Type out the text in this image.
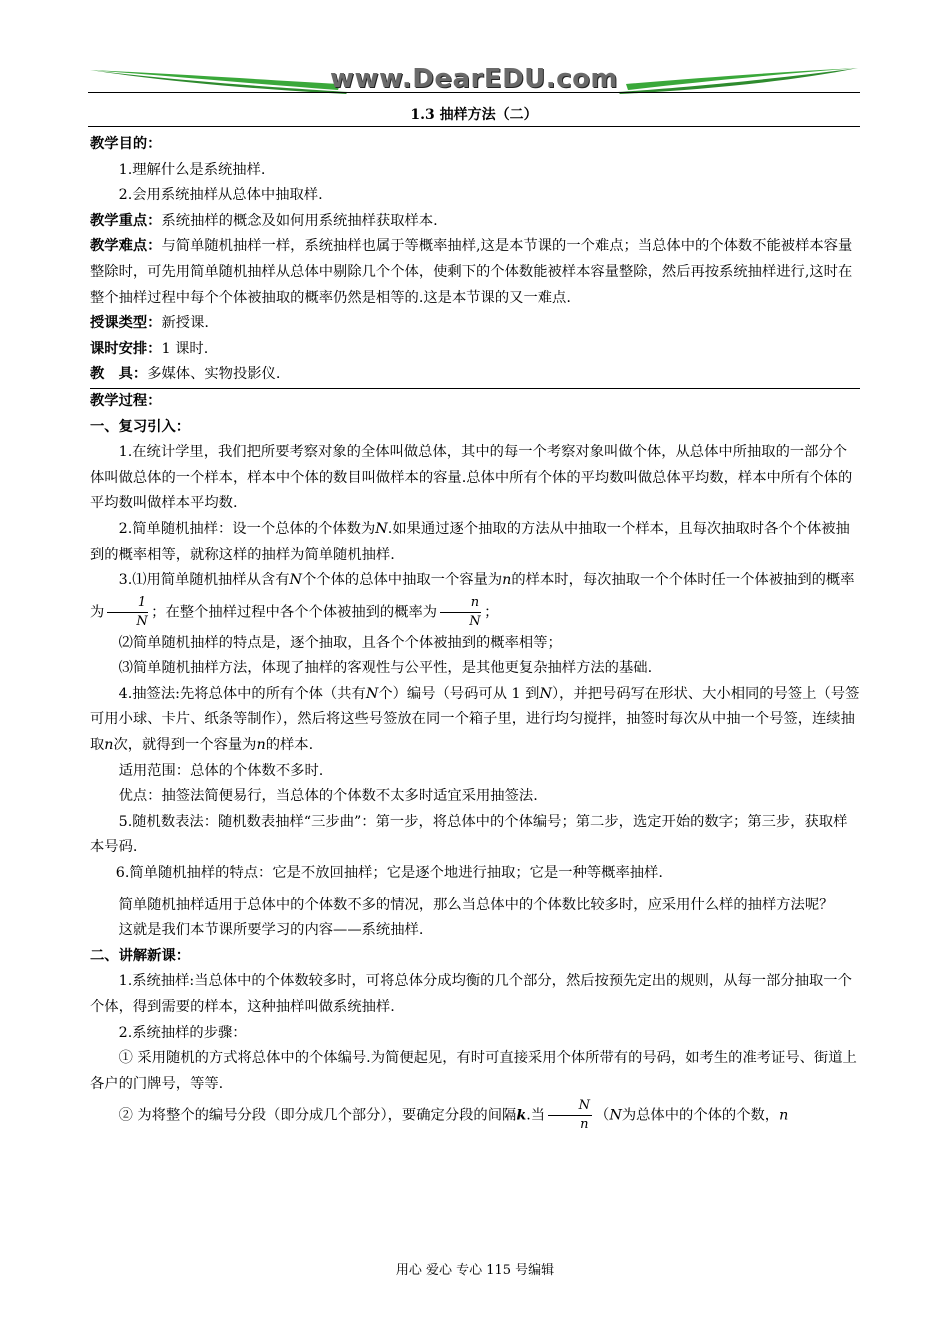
www.DearEDU.com
1.3 抽样方法（二）

教学目的：

1.理解什么是系统抽样.

2.会用系统抽样从总体中抽取样.

教学重点：系统抽样的概念及如何用系统抽样获取样本.

教学难点：与简单随机抽样一样，系统抽样也属于等概率抽样,这是本节课的一个难点；当总体中的个体数不能被样本容量整除时，可先用简单随机抽样从总体中剔除几个个体，使剩下的个体数能被样本容量整除，然后再按系统抽样进行,这时在整个抽样过程中每个个体被抽取的概率仍然是相等的.这是本节课的又一难点.

授课类型：新授课.

课时安排：1 课时.

教　具：多媒体、实物投影仪.

教学过程：

一、复习引入：

1.在统计学里，我们把所要考察对象的全体叫做总体，其中的每一个考察对象叫做个体，从总体中所抽取的一部分个体叫做总体的一个样本，样本中个体的数目叫做样本的容量.总体中所有个体的平均数叫做总体平均数，样本中所有个体的平均数叫做样本平均数.

2.简单随机抽样：设一个总体的个体数为N.如果通过逐个抽取的方法从中抽取一个样本，且每次抽取时各个个体被抽到的概率相等，就称这样的抽样为简单随机抽样.

3.⑴用简单随机抽样从含有N个个体的总体中抽取一个容量为n的样本时，每次抽取一个个体时任一个体被抽到的概率为 $\frac{1}{N}$ ；在整个抽样过程中各个个体被抽到的概率为 $\frac{n}{N}$ ；

⑵简单随机抽样的特点是，逐个抽取，且各个个体被抽到的概率相等；

⑶简单随机抽样方法，体现了抽样的客观性与公平性，是其他更复杂抽样方法的基础.

4.抽签法:先将总体中的所有个体（共有N个）编号（号码可从 1 到N），并把号码写在形状、大小相同的号签上（号签可用小球、卡片、纸条等制作），然后将这些号签放在同一个箱子里，进行均匀搅拌，抽签时每次从中抽一个号签，连续抽取n次，就得到一个容量为n的样本.

适用范围：总体的个体数不多时.

优点：抽签法简便易行，当总体的个体数不太多时适宜采用抽签法.

5.随机数表法：随机数表抽样“三步曲”：第一步，将总体中的个体编号；第二步，选定开始的数字；第三步，获取样本号码.

6.简单随机抽样的特点：它是不放回抽样；它是逐个地进行抽取；它是一种等概率抽样.

简单随机抽样适用于总体中的个体数不多的情况，那么当总体中的个体数比较多时，应采用什么样的抽样方法呢？

这就是我们本节课所要学习的内容——系统抽样.

二、讲解新课：

1.系统抽样:当总体中的个体数较多时，可将总体分成均衡的几个部分，然后按预先定出的规则，从每一部分抽取一个个体，得到需要的样本，这种抽样叫做系统抽样.

2.系统抽样的步骤：

① 采用随机的方式将总体中的个体编号.为简便起见，有时可直接采用个体所带有的号码，如考生的准考证号、街道上各户的门牌号，等等.

② 为将整个的编号分段（即分成几个部分），要确定分段的间隔k.当 $\frac{N}{n} (N$为总体中的个体的个数，n

用心 爱心 专心 115 号编辑
